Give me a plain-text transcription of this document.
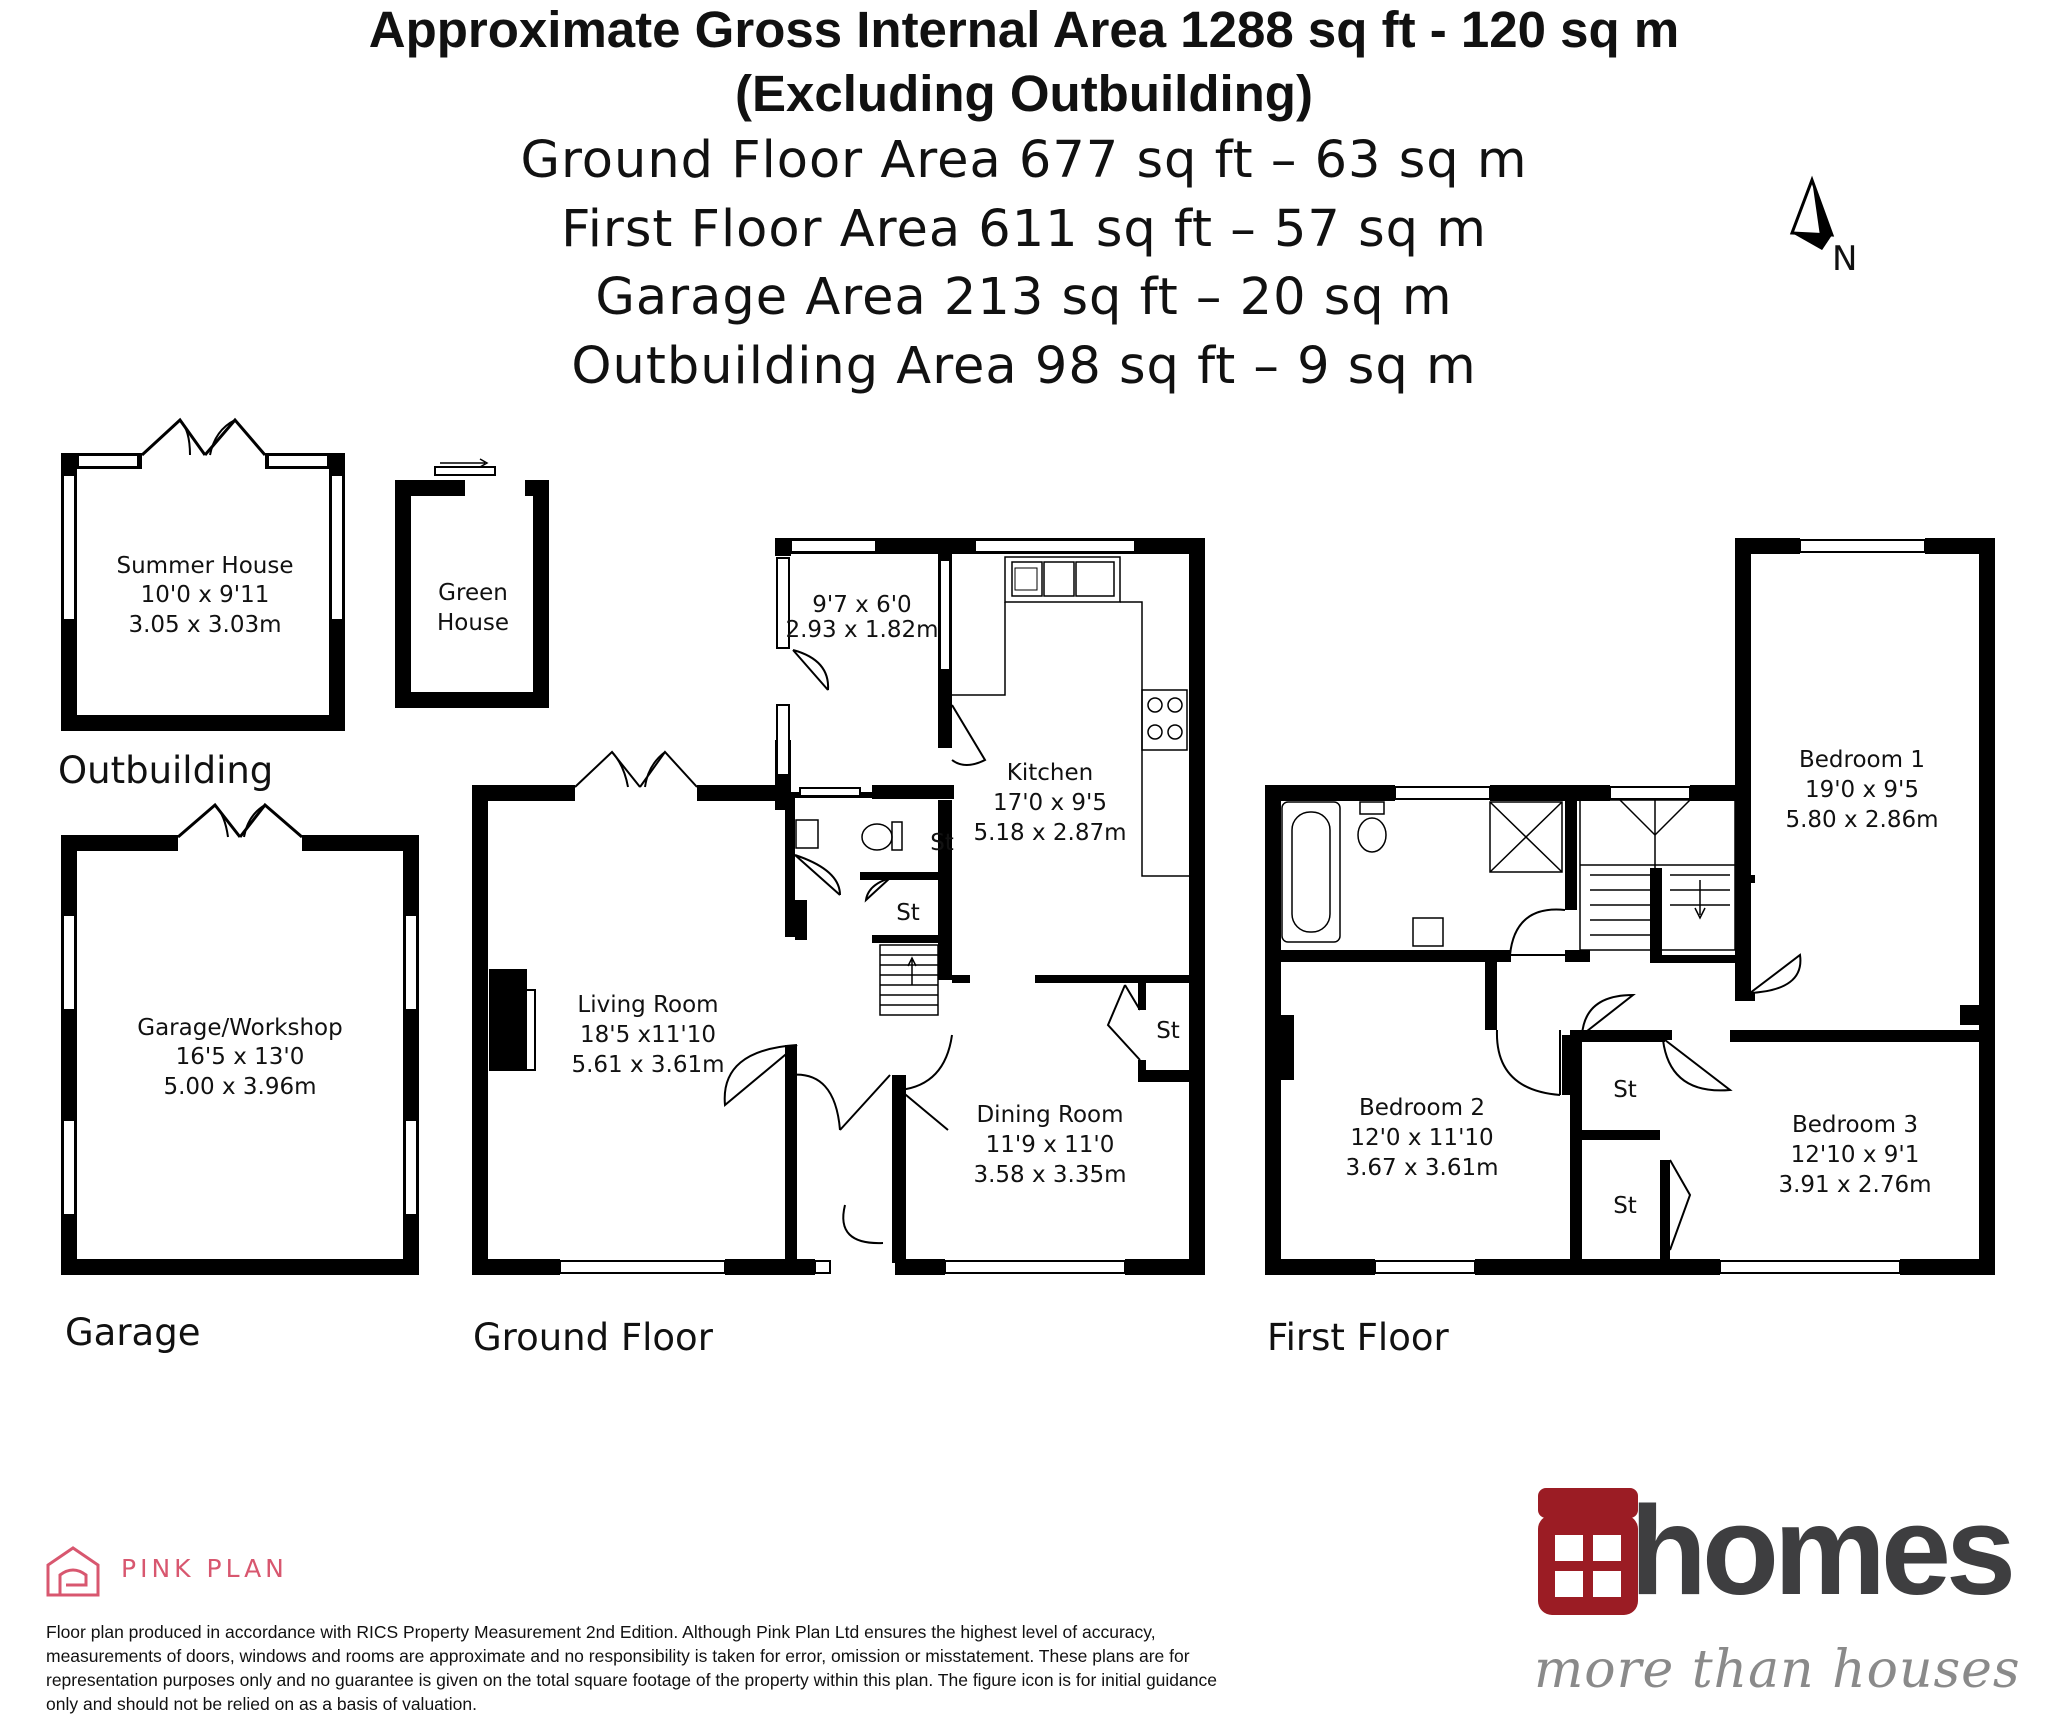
Approximate Gross Internal Area 1288 sq ft - 120 sq m
(Excluding Outbuilding)
Ground Floor Area 677 sq ft – 63 sq m
First Floor Area 611 sq ft – 57 sq m
Garage Area 213 sq ft – 20 sq m
Outbuilding Area 98 sq ft – 9 sq m
N
Summer House
10'0 x 9'11
3.05 x 3.03m
Green
House
9'7 x 6'0
2.93 x 1.82m
Kitchen
17'0 x 9'5
5.18 x 2.87m
Living Room
18'5 x11'10
5.61 x 3.61m
Dining Room
11'9 x 11'0
3.58 x 3.35m
Garage/Workshop
16'5 x 13'0
5.00 x 3.96m
Bedroom 1
19'0 x 9'5
5.80 x 2.86m
Bedroom 2
12'0 x 11'10
3.67 x 3.61m
Bedroom 3
12'10 x 9'1
3.91 x 2.76m
St
St
St
St
St
Outbuilding
Garage	Ground Floor	First Floor
PINK PLAN
Floor plan produced in accordance with RICS Property Measurement 2nd Edition. Although Pink Plan Ltd ensures the highest level of accuracy, measurements of doors, windows and rooms are approximate and no responsibility is taken for error, omission or misstatement. These plans are for representation purposes only and no guarantee is given on the total square footage of the property within this plan. The figure icon is for initial guidance only and should not be relied on as a basis of valuation.
homes
more than houses
